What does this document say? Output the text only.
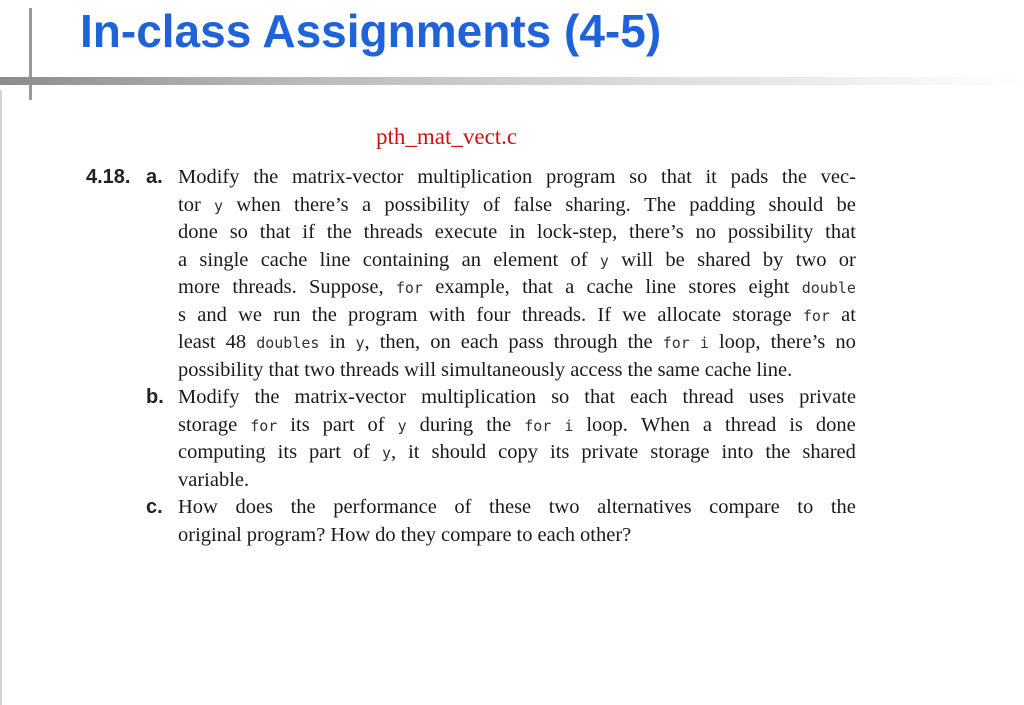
In-class Assignments (4-5)
pth_mat_vect.c
4.18. a. Modify the matrix-vector multiplication program so that it pads the vec-
tor y when there’s a possibility of false sharing. The padding should be
done so that if the threads execute in lock-step, there’s no possibility that
a single cache line containing an element of y will be shared by two or
more threads. Suppose, for example, that a cache line stores eight double
s and we run the program with four threads. If we allocate storage for at
least 48 doubles in y, then, on each pass through the for i loop, there’s no
possibility that two threads will simultaneously access the same cache line.
b. Modify the matrix-vector multiplication so that each thread uses private
storage for its part of y during the for i loop. When a thread is done
computing its part of y, it should copy its private storage into the shared
variable.
c. How does the performance of these two alternatives compare to the
original program? How do they compare to each other?
